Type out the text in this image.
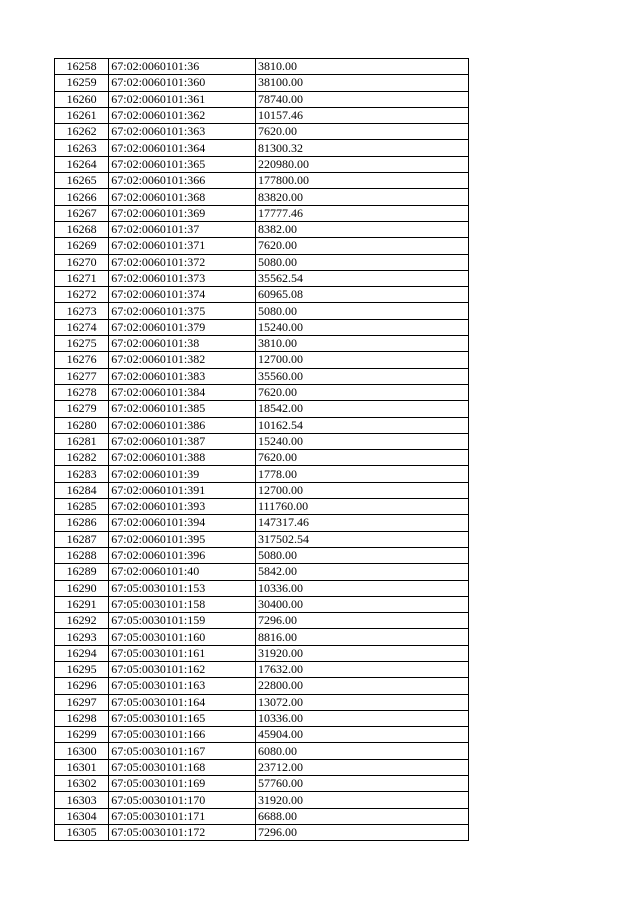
16258	67:02:0060101:36	3810.00
16259	67:02:0060101:360	38100.00
16260	67:02:0060101:361	78740.00
16261	67:02:0060101:362	10157.46
16262	67:02:0060101:363	7620.00
16263	67:02:0060101:364	81300.32
16264	67:02:0060101:365	220980.00
16265	67:02:0060101:366	177800.00
16266	67:02:0060101:368	83820.00
16267	67:02:0060101:369	17777.46
16268	67:02:0060101:37	8382.00
16269	67:02:0060101:371	7620.00
16270	67:02:0060101:372	5080.00
16271	67:02:0060101:373	35562.54
16272	67:02:0060101:374	60965.08
16273	67:02:0060101:375	5080.00
16274	67:02:0060101:379	15240.00
16275	67:02:0060101:38	3810.00
16276	67:02:0060101:382	12700.00
16277	67:02:0060101:383	35560.00
16278	67:02:0060101:384	7620.00
16279	67:02:0060101:385	18542.00
16280	67:02:0060101:386	10162.54
16281	67:02:0060101:387	15240.00
16282	67:02:0060101:388	7620.00
16283	67:02:0060101:39	1778.00
16284	67:02:0060101:391	12700.00
16285	67:02:0060101:393	111760.00
16286	67:02:0060101:394	147317.46
16287	67:02:0060101:395	317502.54
16288	67:02:0060101:396	5080.00
16289	67:02:0060101:40	5842.00
16290	67:05:0030101:153	10336.00
16291	67:05:0030101:158	30400.00
16292	67:05:0030101:159	7296.00
16293	67:05:0030101:160	8816.00
16294	67:05:0030101:161	31920.00
16295	67:05:0030101:162	17632.00
16296	67:05:0030101:163	22800.00
16297	67:05:0030101:164	13072.00
16298	67:05:0030101:165	10336.00
16299	67:05:0030101:166	45904.00
16300	67:05:0030101:167	6080.00
16301	67:05:0030101:168	23712.00
16302	67:05:0030101:169	57760.00
16303	67:05:0030101:170	31920.00
16304	67:05:0030101:171	6688.00
16305	67:05:0030101:172	7296.00
